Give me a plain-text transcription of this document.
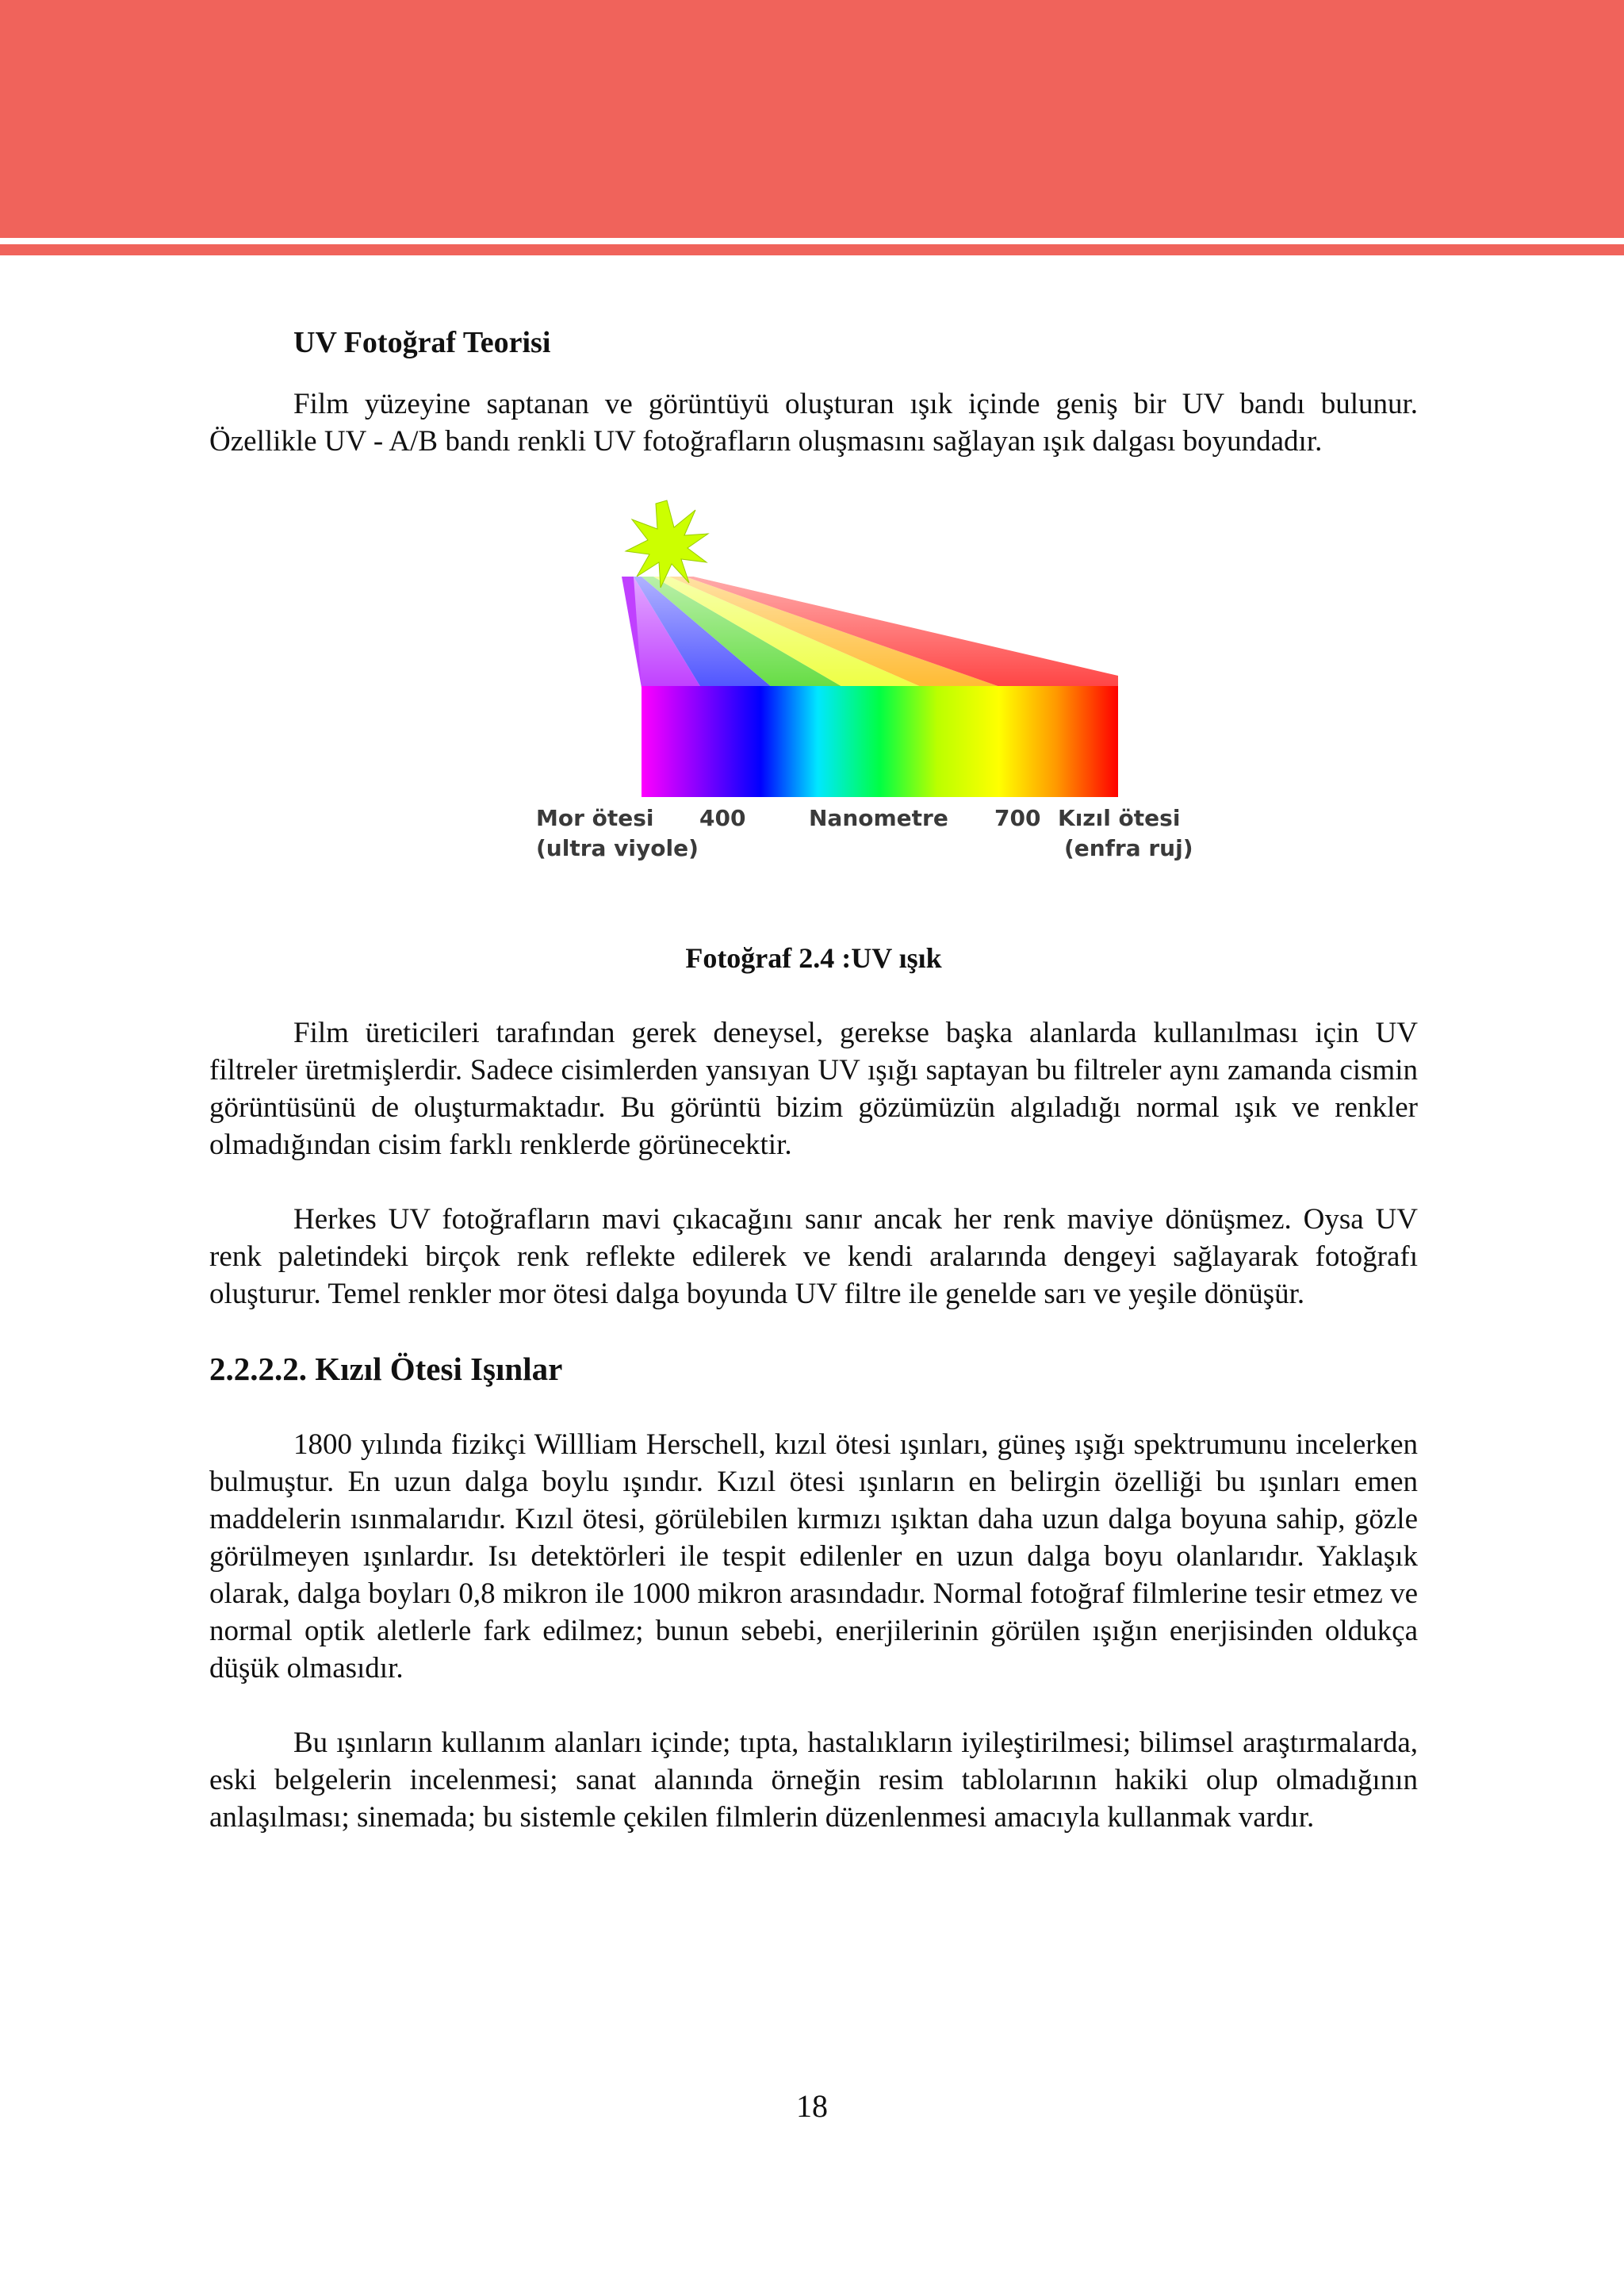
UV Fotoğraf Teorisi

Film yüzeyine saptanan ve görüntüyü oluşturan ışık içinde geniş bir UV bandı bulunur. Özellikle UV - A/B bandı renkli UV fotoğrafların oluşmasını sağlayan ışık dalgası boyundadır.

Mor ötesi
(ultra viyole)
400	Nanometre 700 Kızıl ötesi
(enfra ruj)
Fotoğraf 2.4 :UV ışık

Film üreticileri tarafından gerek deneysel, gerekse başka alanlarda kullanılması için UV filtreler üretmişlerdir. Sadece cisimlerden yansıyan UV ışığı saptayan bu filtreler aynı zamanda cismin görüntüsünü de oluşturmaktadır. Bu görüntü bizim gözümüzün algıladığı normal ışık ve renkler olmadığından cisim farklı renklerde görünecektir.

Herkes UV fotoğrafların mavi çıkacağını sanır ancak her renk maviye dönüşmez. Oysa UV renk paletindeki birçok renk reflekte edilerek ve kendi aralarında dengeyi sağlayarak fotoğrafı oluşturur. Temel renkler mor ötesi dalga boyunda UV filtre ile genelde sarı ve yeşile dönüşür.

2.2.2.2. Kızıl Ötesi Işınlar

1800 yılında fizikçi Willliam Herschell, kızıl ötesi ışınları, güneş ışığı spektrumunu incelerken bulmuştur. En uzun dalga boylu ışındır. Kızıl ötesi ışınların en belirgin özelliği bu ışınları emen maddelerin ısınmalarıdır. Kızıl ötesi, görülebilen kırmızı ışıktan daha uzun dalga boyuna sahip, gözle görülmeyen ışınlardır. Isı detektörleri ile tespit edilenler en uzun dalga boyu olanlarıdır. Yaklaşık olarak, dalga boyları 0,8 mikron ile 1000 mikron arasındadır. Normal fotoğraf filmlerine tesir etmez ve normal optik aletlerle fark edilmez; bunun sebebi, enerjilerinin görülen ışığın enerjisinden oldukça düşük olmasıdır.

Bu ışınların kullanım alanları içinde; tıpta, hastalıkların iyileştirilmesi; bilimsel araştırmalarda, eski belgelerin incelenmesi; sanat alanında örneğin resim tablolarının hakiki olup olmadığının anlaşılması; sinemada; bu sistemle çekilen filmlerin düzenlenmesi amacıyla kullanmak vardır.

18
